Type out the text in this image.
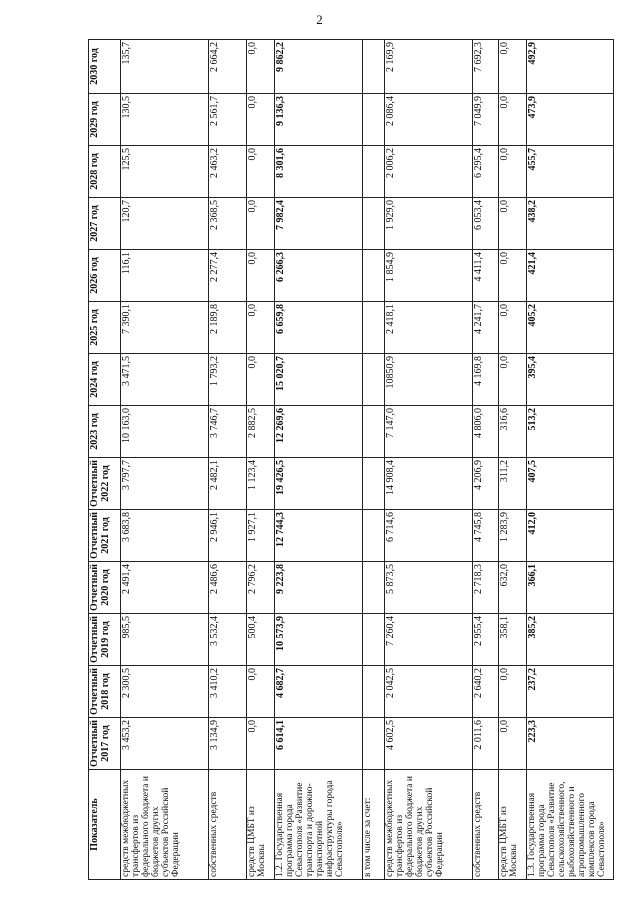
2
Показатель	Отчетный 2017 год	Отчетный 2018 год	Отчетный 2019 год	Отчетный 2020 год	Отчетный 2021 год	Отчетный 2022 год	2023 год	2024 год	2025 год	2026 год	2027 год	2028 год	2029 год	2030 год
средств межбюджетных трансфертов из федерального бюджета и бюджетов других субъектов Российской Федерации	3 453,2	2 300,5	985,5	2 491,4	3 683,8	3 797,7	10 163,0	3 471,5	7 390,1	116,1	120,7	125,5	130,5	135,7
собственных средств	3 134,9	3 410,2	3 532,4	2 486,6	2 946,1	2 482,1	3 746,7	1 793,2	2 189,8	2 277,4	2 368,5	2 463,2	2 561,7	2 664,2
средств ЦМБТ из Москвы	0,0	0,0	500,4	2 796,2	1 927,1	1 123,4	2 882,5	0,0	0,0	0,0	0,0	0,0	0,0	0,0
1.2. Государственная программа города Севастополя «Развитие транспорта и дорожно-транспортной инфраструктуры города Севастополя»	6 614,1	4 682,7	10 573,9	9 223,8	12 744,3	19 426,5	12 269,6	15 020,7	6 659,8	6 266,3	7 982,4	8 301,6	9 136,3	9 862,2
в том числе за счет:														
средств межбюджетных трансфертов из федерального бюджета и бюджетов других субъектов Российской Федерации	4 602,5	2 042,5	7 260,4	5 873,5	6 714,6	14 908,4	7 147,0	10850,9	2 418,1	1 854,9	1 929,0	2 006,2	2 086,4	2 169,9
собственных средств	2 011,6	2 640,2	2 955,4	2 718,3	4 745,8	4 206,9	4 806,0	4 169,8	4 241,7	4 411,4	6 053,4	6 295,4	7 049,9	7 692,3
средств ЦМБТ из Москвы	0,0	0,0	358,1	632,0	1 283,9	311,2	316,6	0,0	0,0	0,0	0,0	0,0	0,0	0,0
1.3. Государственная программа города Севастополя «Развитие сельскохозяйственного, рыбохозяйственного и агропромышленного комплексов города Севастополя»	223,3	237,2	385,2	366,1	412,0	407,5	513,2	395,4	405,2	421,4	438,2	455,7	473,9	492,9
